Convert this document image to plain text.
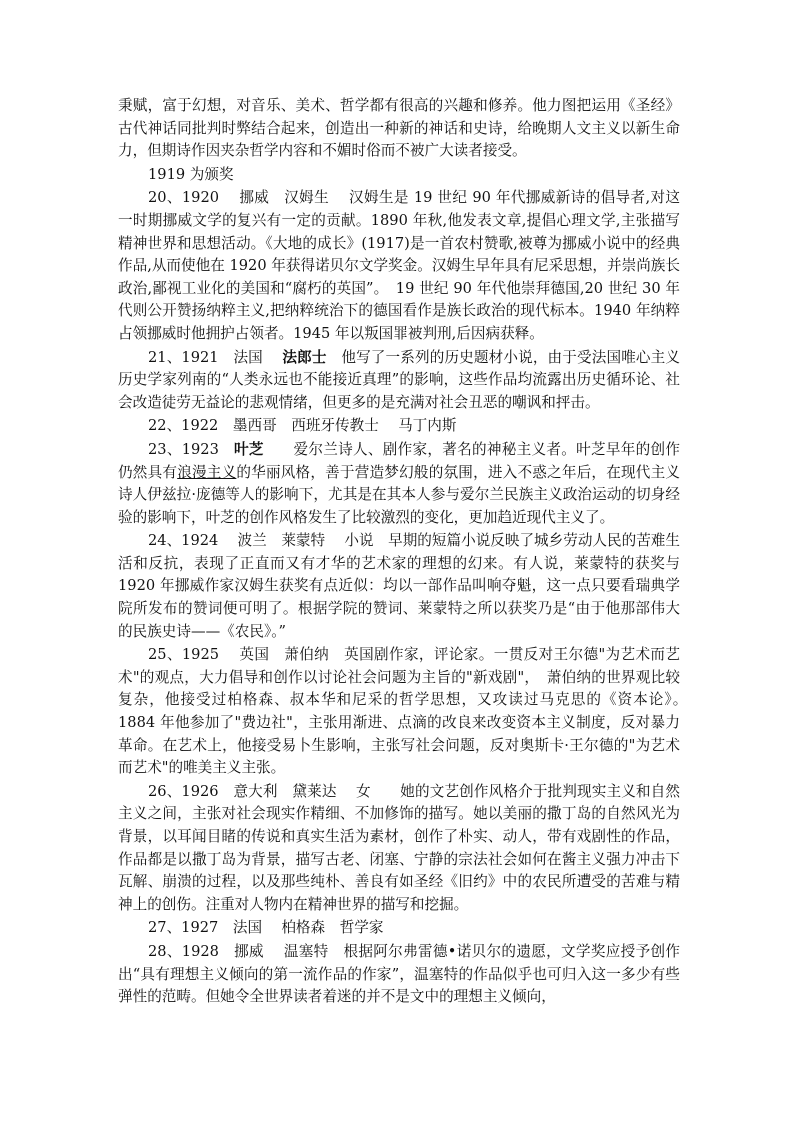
秉赋，富于幻想，对音乐、美术、哲学都有很高的兴趣和修养。他力图把运用《圣经》古代神话同批判时弊结合起来，创造出一种新的神话和史诗，给晚期人文主义以新生命力，但期诗作因夹杂哲学内容和不媚时俗而不被广大读者接受。

1919 为颁奖

20、1920　 挪威　汉姆生　 汉姆生是 19 世纪 90 年代挪威新诗的倡导者,对这一时期挪威文学的复兴有一定的贡献。1890 年秋,他发表文章,提倡心理文学,主张描写精神世界和思想活动。《大地的成长》(1917)是一首农村赞歌,被尊为挪威小说中的经典作品,从而使他在 1920 年获得诺贝尔文学奖金。汉姆生早年具有尼采思想，并崇尚族长政治,鄙视工业化的美国和“腐朽的英国”。　19 世纪 90 年代他崇拜德国,20 世纪 30 年代则公开赞扬纳粹主义,把纳粹统治下的德国看作是族长政治的现代标本。1940 年纳粹占领挪威时他拥护占领者。1945 年以叛国罪被判刑,后因病获释。

21、1921　法国　 法郎士　他写了一系列的历史题材小说，由于受法国唯心主义历史学家列南的“人类永远也不能接近真理”的影响，这些作品均流露出历史循环论、社会改造徒劳无益论的悲观情绪，但更多的是充满对社会丑恶的嘲讽和抨击。

22、1922　墨西哥　西班牙传教士　 马丁内斯

23、1923　叶芝　　爱尔兰诗人、剧作家，著名的神秘主义者。叶芝早年的创作仍然具有浪漫主义的华丽风格，善于营造梦幻般的氛围，进入不惑之年后，在现代主义诗人伊兹拉·庞德等人的影响下，尤其是在其本人参与爱尔兰民族主义政治运动的切身经验的影响下，叶芝的创作风格发生了比较激烈的变化，更加趋近现代主义了。

24、1924　 波兰　莱蒙特　 小说　早期的短篇小说反映了城乡劳动人民的苦难生活和反抗，表现了正直而又有才华的艺术家的理想的幻来。有人说，莱蒙特的获奖与 1920 年挪威作家汉姆生获奖有点近似：均以一部作品叫响夺魁，这一点只要看瑞典学院所发布的赞词便可明了。根据学院的赞词、莱蒙特之所以获奖乃是“由于他那部伟大的民族史诗——《农民》。”

25、1925　 英国　萧伯纳　英国剧作家，评论家。一贯反对王尔德"为艺术而艺术"的观点，大力倡导和创作以讨论社会问题为主旨的"新戏剧"，　萧伯纳的世界观比较复杂，他接受过柏格森、叔本华和尼采的哲学思想，又攻读过马克思的《资本论》。　1884 年他参加了"费边社"，主张用渐进、点滴的改良来改变资本主义制度，反对暴力革命。在艺术上，他接受易卜生影响，主张写社会问题，反对奥斯卡·王尔德的"为艺术而艺术"的唯美主义主张。

26、1926　意大利　黛莱达　 女　　她的文艺创作风格介于批判现实主义和自然主义之间，主张对社会现实作精细、不加修饰的描写。她以美丽的撒丁岛的自然风光为背景，以耳闻目睹的传说和真实生活为素材，创作了朴实、动人，带有戏剧性的作品，作品都是以撒丁岛为背景，描写古老、闭塞、宁静的宗法社会如何在酱主义强力冲击下瓦解、崩溃的过程，以及那些纯朴、善良有如圣经《旧约》中的农民所遭受的苦难与精神上的创伤。注重对人物内在精神世界的描写和挖掘。

27、1927　法国　 柏格森　哲学家

28、1928　挪威　 温塞特　根据阿尔弗雷德•诺贝尔的遗愿，文学奖应授予创作出“具有理想主义倾向的第一流作品的作家”，温塞特的作品似乎也可归入这一多少有些弹性的范畴。但她令全世界读者着迷的并不是文中的理想主义倾向，
